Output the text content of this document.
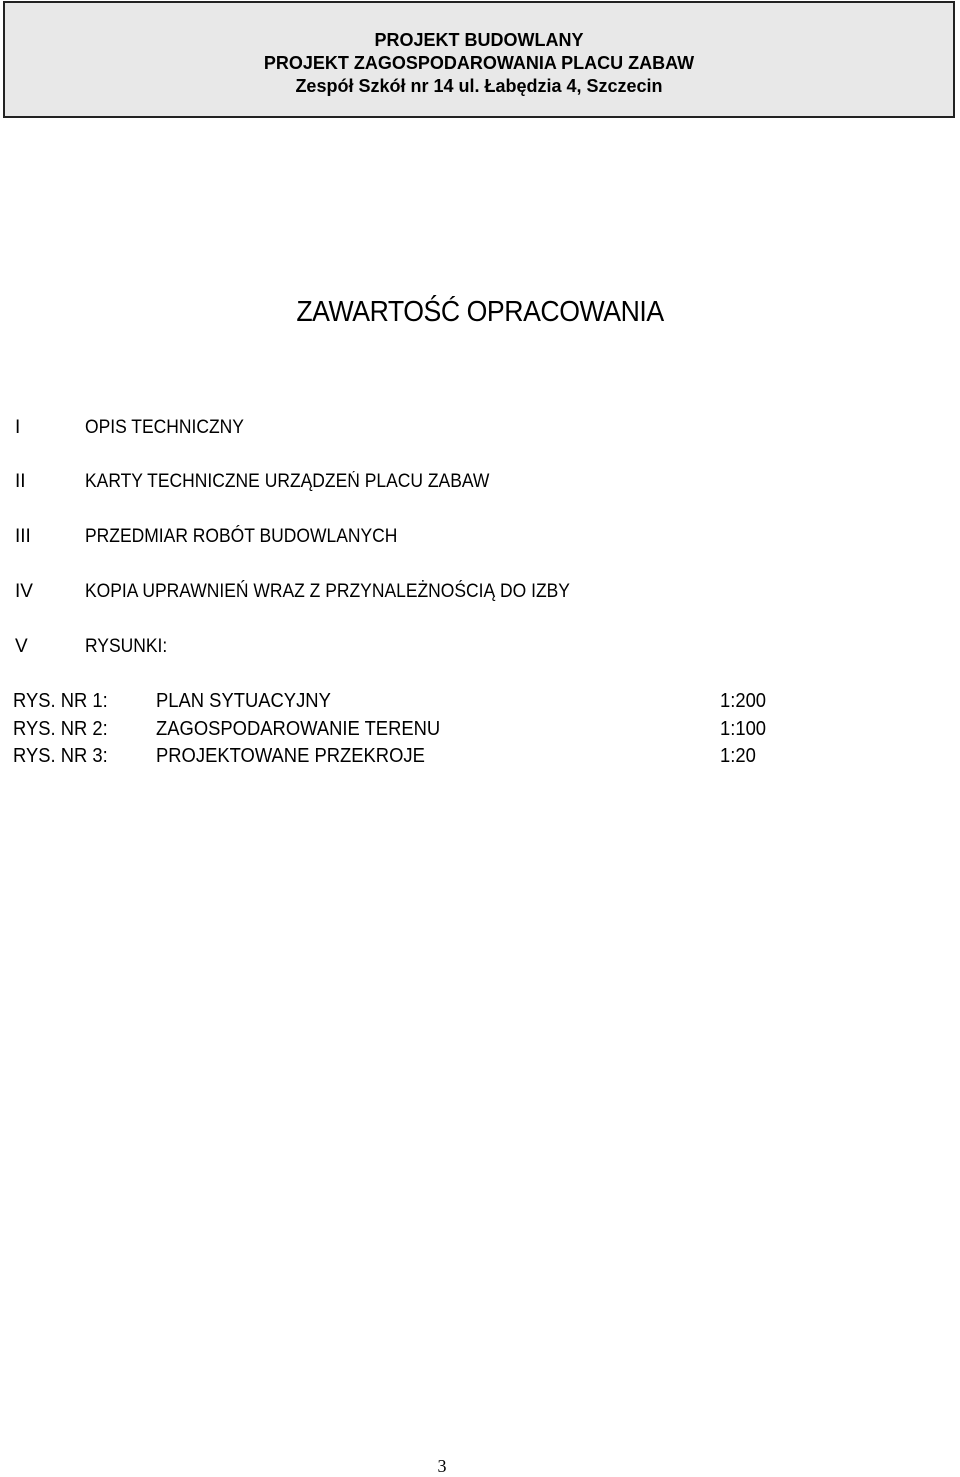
PROJEKT BUDOWLANY
PROJEKT ZAGOSPODAROWANIA PLACU ZABAW
Zespół Szkół nr 14 ul. Łabędzia 4, Szczecin
ZAWARTOŚĆ OPRACOWANIA
I	OPIS TECHNICZNY
II	KARTY TECHNICZNE URZĄDZEŃ PLACU ZABAW
III	PRZEDMIAR ROBÓT BUDOWLANYCH
IV	KOPIA UPRAWNIEŃ WRAZ Z PRZYNALEŻNOŚCIĄ DO IZBY
V	RYSUNKI:
RYS. NR 1: PLAN SYTUACYJNY	1:200
RYS. NR 2: ZAGOSPODAROWANIE TERENU	1:100
RYS. NR 3: PROJEKTOWANE PRZEKROJE	1:20
3
